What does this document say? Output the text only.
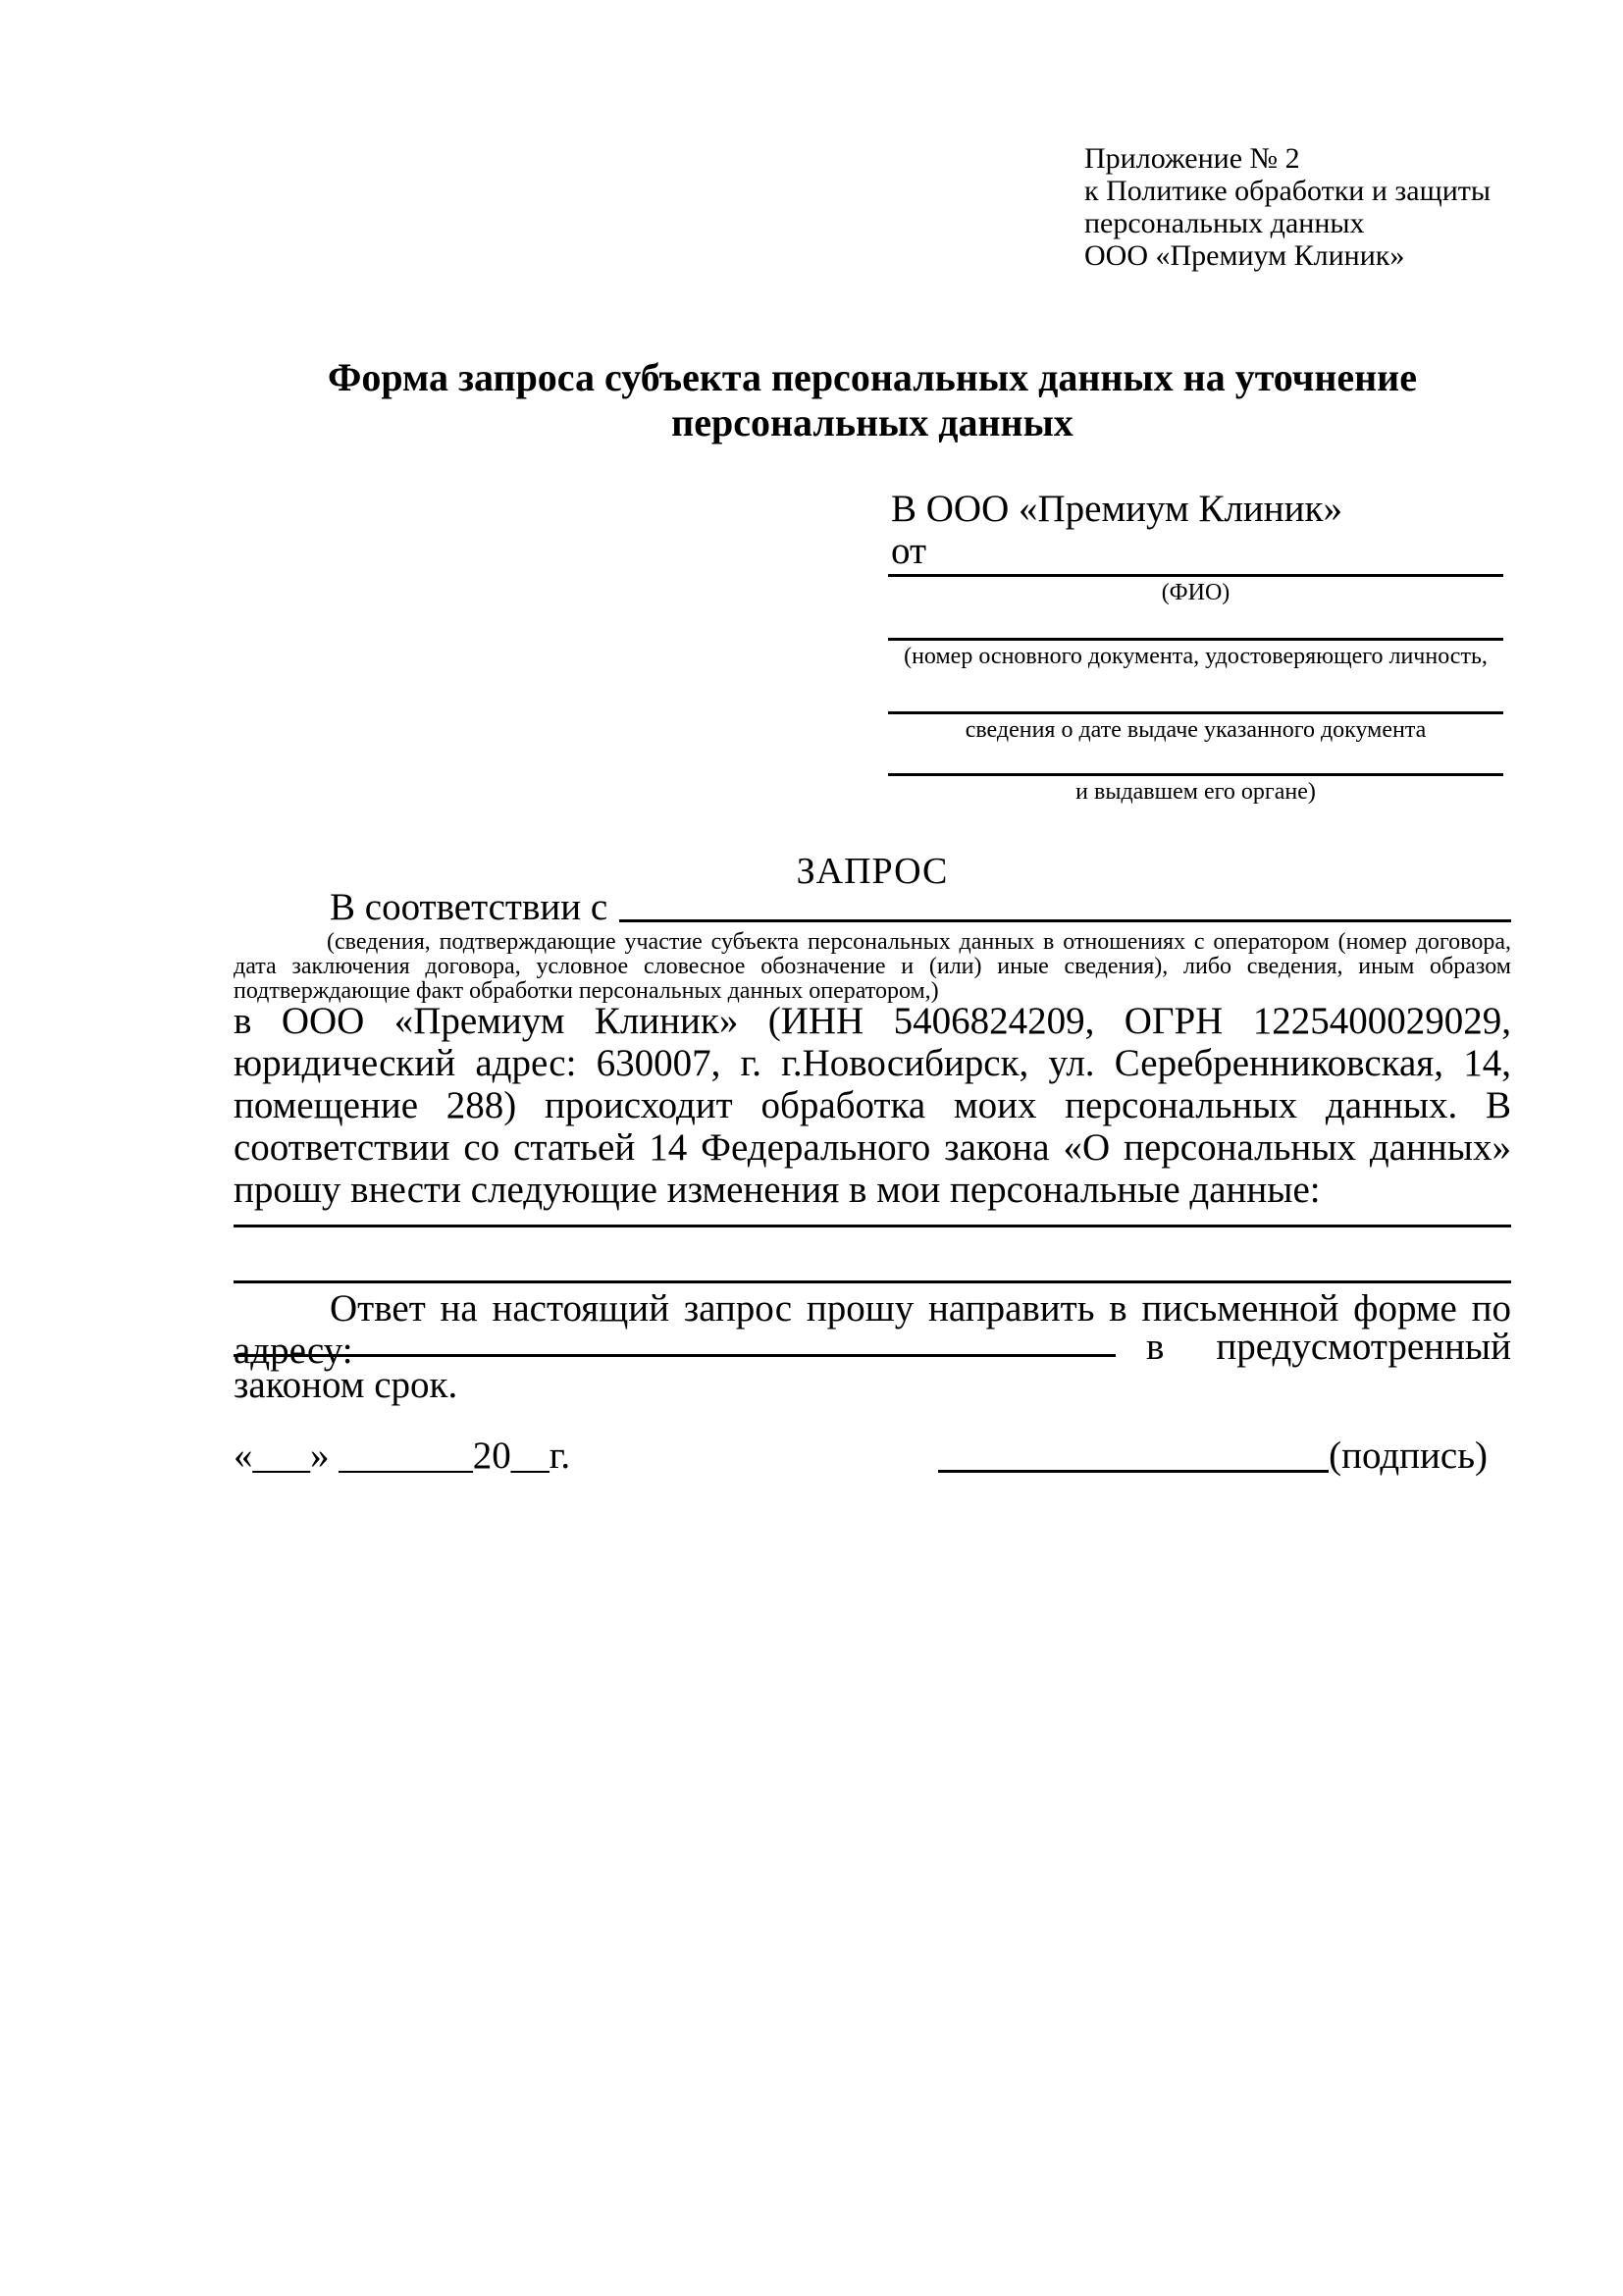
Приложение № 2
к Политике обработки и защиты
персональных данных
ООО «Премиум Клиник»
Форма запроса субъекта персональных данных на уточнение персональных данных
В ООО «Премиум Клиник»
от
(ФИО)
(номер основного документа, удостоверяющего личность,
сведения о дате выдаче указанного документа
и выдавшем его органе)
ЗАПРОС
В соответствии с
(сведения, подтверждающие участие субъекта персональных данных в отношениях с оператором (номер договора, дата заключения договора, условное словесное обозначение и (или) иные сведения), либо сведения, иным образом подтверждающие факт обработки персональных данных оператором,)
в ООО «Премиум Клиник» (ИНН 5406824209, ОГРН 1225400029029, юридический адрес: 630007, г. г.Новосибирск, ул. Серебренниковская, 14, помещение 288) происходит обработка моих персональных данных. В соответствии со статьей 14 Федерального закона «О персональных данных» прошу внести следующие изменения в мои персональные данные:
Ответ на настоящий запрос прошу направить в письменной форме по адресу:	в предусмотренный
законом срок.
«___» _______20__г.	(подпись)
